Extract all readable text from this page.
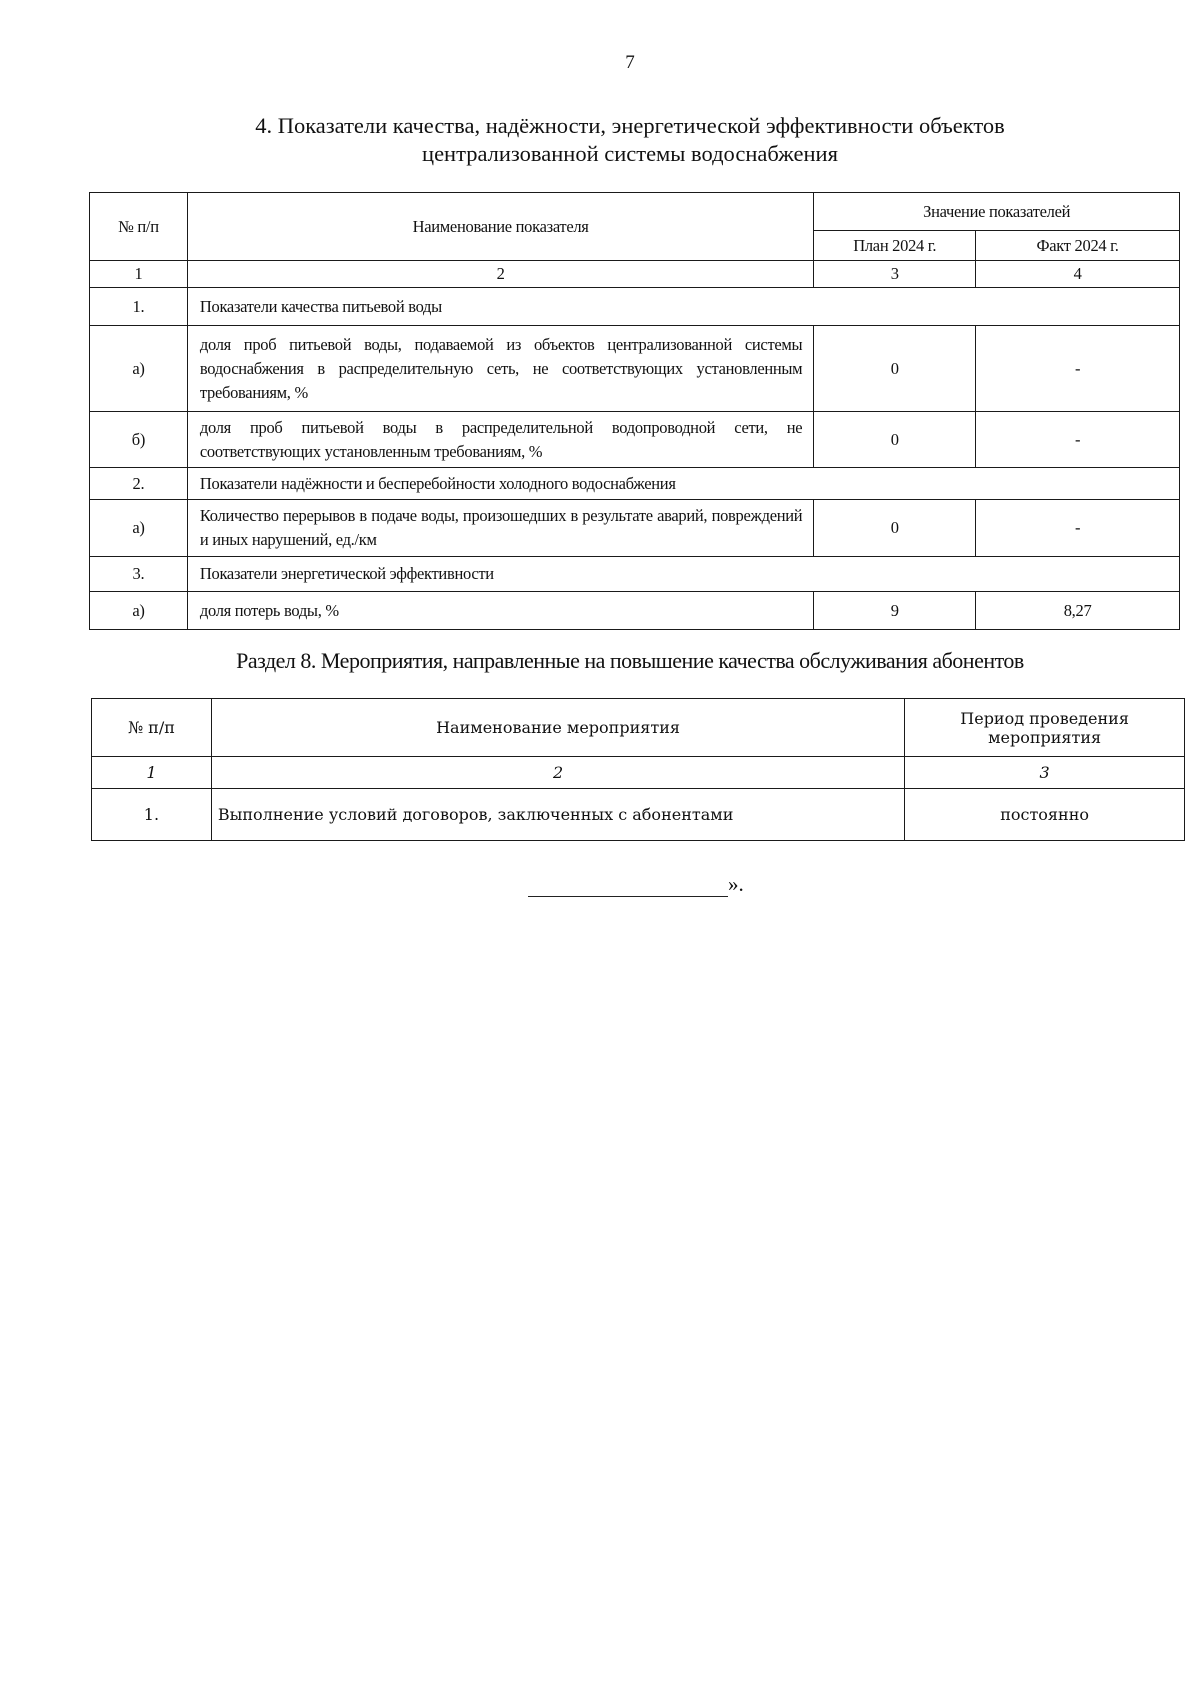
7
4. Показатели качества, надёжности, энергетической эффективности объектов
централизованной системы водоснабжения
№ п/п	Наименование показателя	Значение показателей	
		План 2024 г.	Факт 2024 г.
1	2	3	4
1.	Показатели качества питьевой воды		
а)	доля проб питьевой воды, подаваемой из объектов централизованной системы водоснабжения в распределительную сеть, не соответствующих установленным требованиям, %	0	-
б)	доля проб питьевой воды в распределительной водопроводной сети, не соответствующих установленным требованиям, %	0	-
2.	Показатели надёжности и бесперебойности холодного водоснабжения		
а)	Количество перерывов в подаче воды, произошедших в результате аварий, повреждений и иных нарушений, ед./км	0	-
3.	Показатели энергетической эффективности		
а)	доля потерь воды, %	9	8,27
Раздел 8. Мероприятия, направленные на повышение качества обслуживания абонентов
№ п/п	Наименование мероприятия	Период проведения мероприятия
1	2	3
1.	Выполнение условий договоров, заключенных с абонентами	постоянно
».
